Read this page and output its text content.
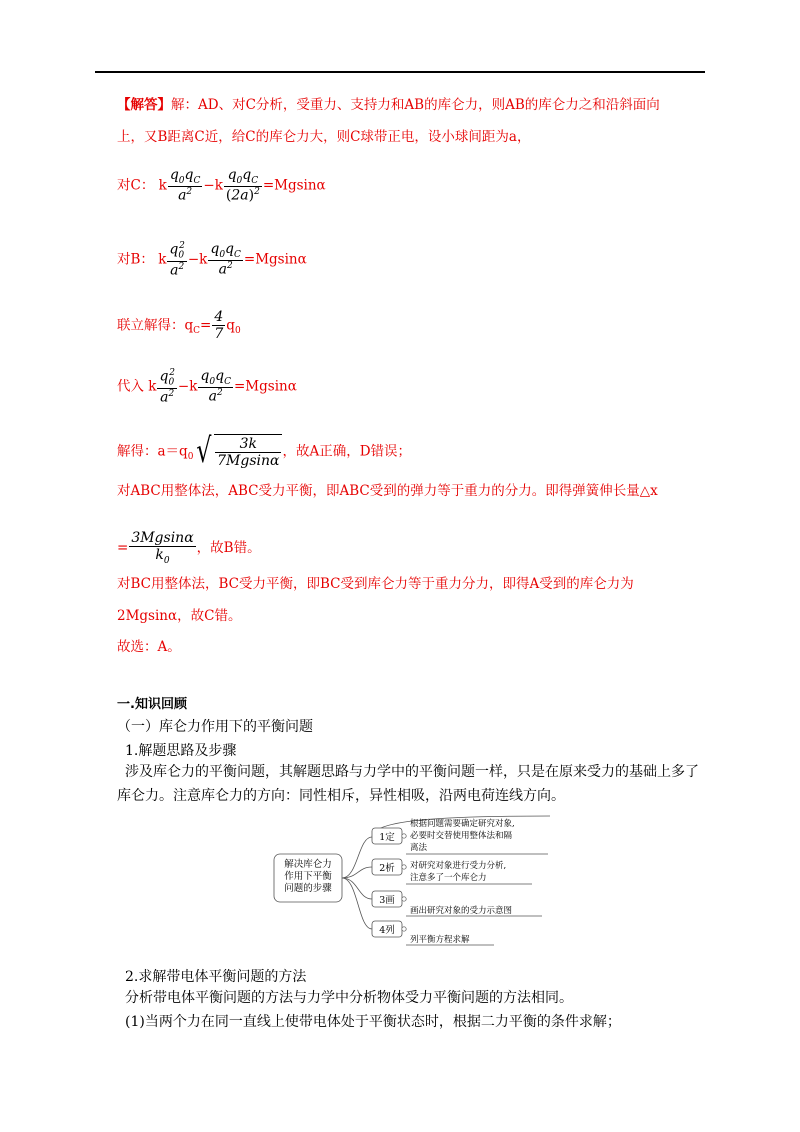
【解答】解：AD、对C分析，受重力、支持力和AB的库仑力，则AB的库仑力之和沿斜面向
上，又B距离C近，给C的库仑力大，则C球带正电，设小球间距为a，
对C： k $\frac{q_0q_C}{a^2} -k \frac{q_0q_C}{(2a)^2} =Mgsin\alpha$
对B： k $\frac{q_0^2}{a^2} -k \frac{q_0q_C}{a^2} =Mgsin\alpha$
联立解得：$q_C= \frac{4}{7} q_0$
代入 k $\frac{q_0^2}{a^2} -k \frac{q_0q_C}{a^2} =Mgsin\alpha$
解得：$a=q_0$ √ $\frac{3k}{7Mgsin\alpha}$ ，故A正确，D错误；
对ABC用整体法，ABC受力平衡，即ABC受到的弹力等于重力的分力。即得弹簧伸长量△x
= $\frac{3Mgsin\alpha}{k_0}$ ，故B错。
对BC用整体法，BC受力平衡，即BC受到库仑力等于重力分力，即得A受到的库仑力为
2Mgsinα，故C错。
故选：A。
一.知识回顾
（一）库仑力作用下的平衡问题
1.解题思路及步骤
涉及库仑力的平衡问题，其解题思路与力学中的平衡问题一样，只是在原来受力的基础上多了
库仑力。注意库仑力的方向：同性相斥，异性相吸，沿两电荷连线方向。
解决库仑力
作用下平衡
问题的步骤
1定
根据问题需要确定研究对象,
必要时交替使用整体法和隔
离法
2析 对研究对象进行受力分析,
注意多了一个库仑力
3画
画出研究对象的受力示意图
4列
列平衡方程求解
2.求解带电体平衡问题的方法
分析带电体平衡问题的方法与力学中分析物体受力平衡问题的方法相同。
(1)当两个力在同一直线上使带电体处于平衡状态时，根据二力平衡的条件求解；
